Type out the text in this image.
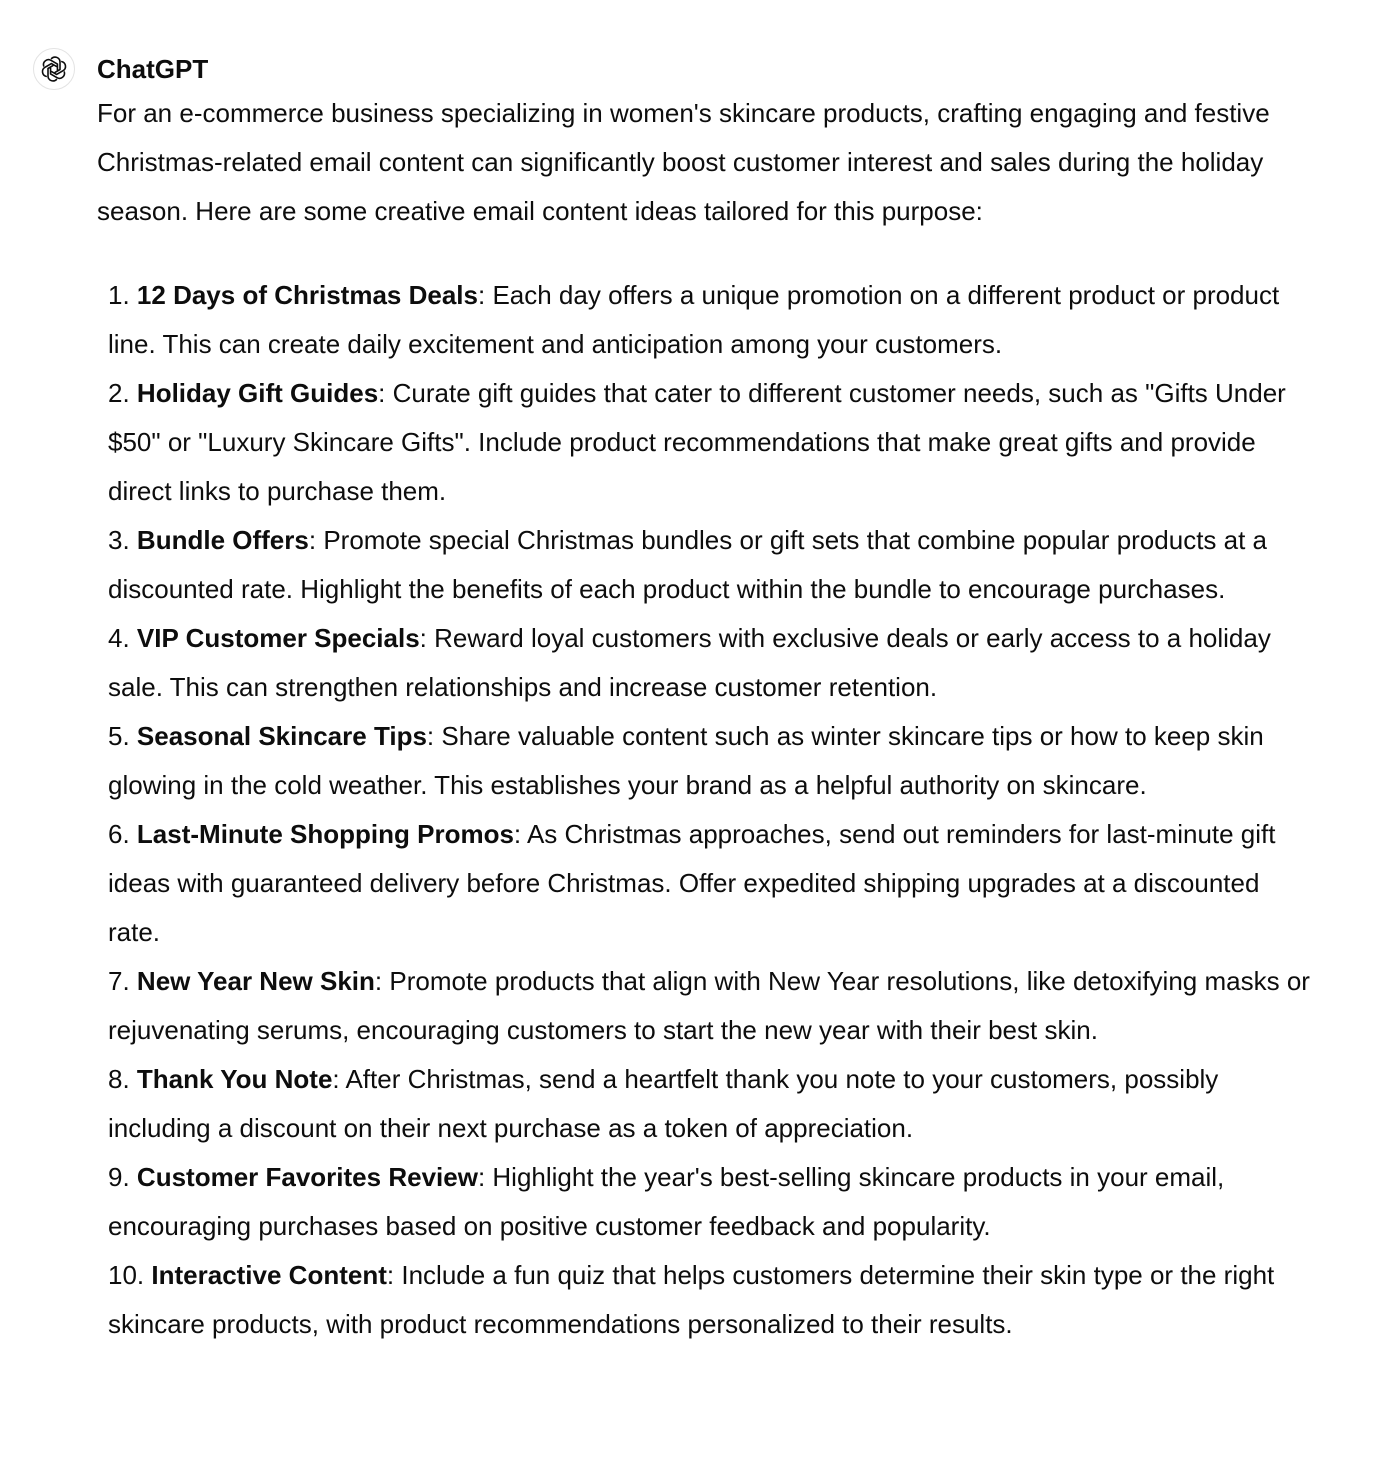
ChatGPT

For an e-commerce business specializing in women's skincare products, crafting engaging and festive Christmas-related email content can significantly boost customer interest and sales during the holiday season. Here are some creative email content ideas tailored for this purpose:

1. 12 Days of Christmas Deals: Each day offers a unique promotion on a different product or product line. This can create daily excitement and anticipation among your customers.
2. Holiday Gift Guides: Curate gift guides that cater to different customer needs, such as "Gifts Under $50" or "Luxury Skincare Gifts". Include product recommendations that make great gifts and provide direct links to purchase them.
3. Bundle Offers: Promote special Christmas bundles or gift sets that combine popular products at a discounted rate. Highlight the benefits of each product within the bundle to encourage purchases.
4. VIP Customer Specials: Reward loyal customers with exclusive deals or early access to a holiday sale. This can strengthen relationships and increase customer retention.
5. Seasonal Skincare Tips: Share valuable content such as winter skincare tips or how to keep skin glowing in the cold weather. This establishes your brand as a helpful authority on skincare.
6. Last-Minute Shopping Promos: As Christmas approaches, send out reminders for last-minute gift ideas with guaranteed delivery before Christmas. Offer expedited shipping upgrades at a discounted rate.
7. New Year New Skin: Promote products that align with New Year resolutions, like detoxifying masks or rejuvenating serums, encouraging customers to start the new year with their best skin.
8. Thank You Note: After Christmas, send a heartfelt thank you note to your customers, possibly including a discount on their next purchase as a token of appreciation.
9. Customer Favorites Review: Highlight the year's best-selling skincare products in your email, encouraging purchases based on positive customer feedback and popularity.
10. Interactive Content: Include a fun quiz that helps customers determine their skin type or the right skincare products, with product recommendations personalized to their results.
